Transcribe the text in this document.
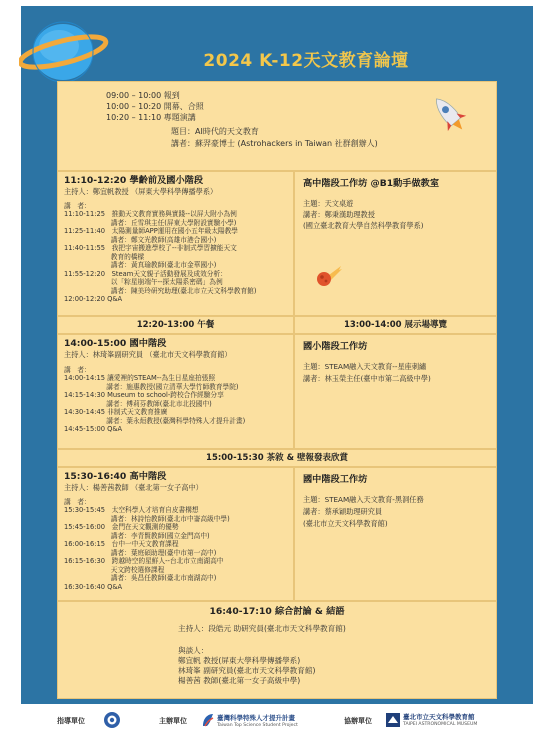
2024 K-12天文教育論壇
09:00 – 10:00 報到
10:00 – 10:20 開幕、合照
10:20 – 11:10 專題演講
題目：AI時代的天文教育
講者：蘇羿豪博士 (Astrohackers in Taiwan 社群創辦人)
11:10-12:20 學齡前及國小階段
主持人：鄭宜帆教授 （屏東大學科學傳播學系）
講　者：
11:10-11:25　推動天文教育實務與實踐--以屏大附小為例
　　　　　　　講者：丘雪琪主任(屏東大學附設實驗小學)
11:25-11:40　太陽測量師APP運用在國小五年級太陽教學
　　　　　　　講者：鄭文光教師(高雄市港合國小)
11:40-11:55　我把宇宙搬進學校了--非制式學習擴能天文
　　　　　　　教育的橋樑
　　　　　　　講者：黃真瑜教師(臺北市金華國小)
11:55-12:20　Steam天文親子活動發展及成效分析：
　　　　　　　以「粽星崩端午--探太陽系密碼」為例
　　　　　　　講者：陳美玲研究助理(臺北市立天文科學教育館)
12:00-12:20 Q&A
高中階段工作坊 @B1動手做教室
主題：天文桌遊
講者：鄭秉漢助理教授
(國立臺北教育大學自然科學教育學系)
12:20-13:00 午餐	13:00-14:00 展示場導覽
14:00-15:00 國中階段
主持人：林琦峯副研究員 （臺北市天文科學教育館）
講　者：
14:00-14:15 讓愛裡的STEAM--為生日星座拍張照
　　　　　　 講者：施惠教授(國立清華大學竹師教育學院)
14:15-14:30 Museum to school-跨校合作經驗分享
　　　　　　 講者：傅莉芬教師(臺北市北投國中)
14:30-14:45 非制式天文教育推廣
　　　　　　 講者：葉永烜教授(臺灣科學特殊人才提升計畫)
14:45-15:00 Q&A
國小階段工作坊
主題：STEAM融入天文教育--星座刺繡
講者：林玉榮主任(臺中市第二高級中學)
15:00-15:30 茶敘 & 壁報發表欣賞
15:30-16:40 高中階段
主持人：楊善茜教師 （臺北第一女子高中）
講　者：
15:30-15:45　太空科學人才培育自皮書構想
　　　　　　　講者：林詩怡教師(臺北市中崙高級中學)
15:45-16:00　金門在天文觀測的優勢
　　　　　　　講者：李青賢教師(國立金門高中)
16:00-16:15　台中一中天文教育課程
　　　　　　　講者：葉庭碩助理(臺中市第一高中)
16:15-16:30　跨越時空的星鮮人--台北市立南湖高中
　　　　　　　天文跨校選修課程
　　　　　　　講者：吳昌任教師(臺北市南湖高中)
16:30-16:40 Q&A
國中階段工作坊
主題：STEAM融入天文教育-黑洞任務
講者：蔡承穎助理研究員
(臺北市立天文科學教育館)
16:40-17:10 綜合討論 & 結語
主持人：段皓元 助研究員(臺北市天文科學教育館)
與談人：
鄭宜帆 教授(屏東大學科學傳播學系)
林琦峯 副研究員(臺北市天文科學教育館)
楊善茜 教師(臺北第一女子高級中學)
指導單位	主辦單位	臺灣科學特殊人才提升計畫
Taiwan Top Science Student Project
協辦單位	臺北市立天文科學教育館
TAIPEI ASTRONOMICAL MUSEUM
